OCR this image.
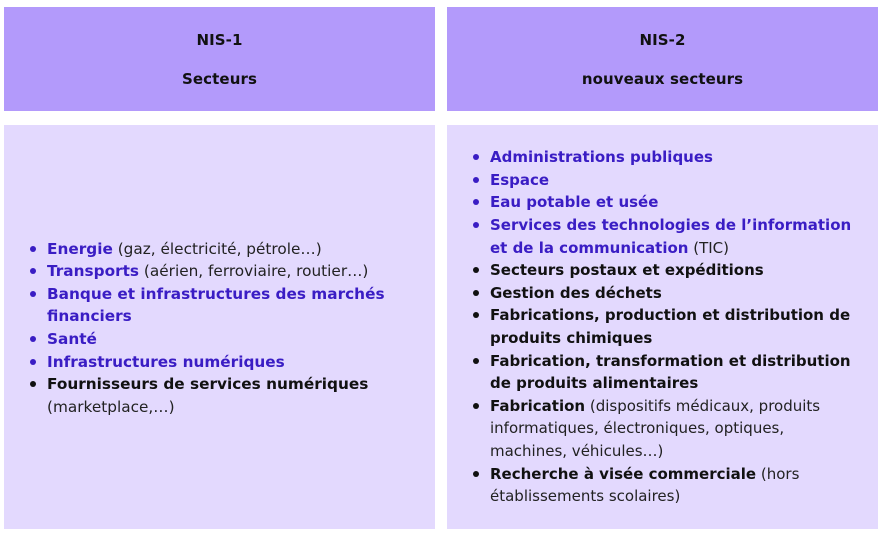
NIS-1
Secteurs
NIS-2
nouveaux secteurs
Energie (gaz, électricité, pétrole…)
Transports (aérien, ferroviaire, routier…)
Banque et infrastructures des marchés financiers
Santé
Infrastructures numériques
Fournisseurs de services numériques (marketplace,…)
Administrations publiques
Espace
Eau potable et usée
Services des technologies de l’information et de la communication (TIC)
Secteurs postaux et expéditions
Gestion des déchets
Fabrications, production et distribution de produits chimiques
Fabrication, transformation et distribution de produits alimentaires
Fabrication (dispositifs médicaux, produits informatiques, électroniques, optiques, machines, véhicules…)
Recherche à visée commerciale (hors établissements scolaires)
